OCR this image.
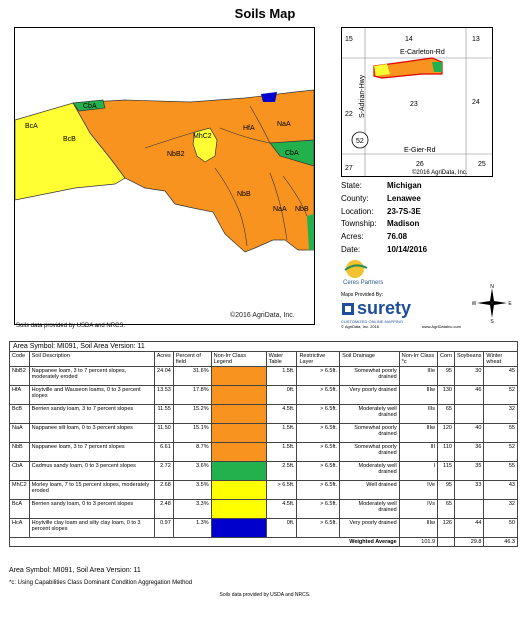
Soils Map
BcA
BcB
CbA
MhC2
NbB2
HfA
NaA
CbA
NbB
NaA NbB
©2016 AgriData, Inc.
Soils data provided by USDA and NRCS.
15	14	13
22
23	24
27
26	25
E-Carleton-Rd
S-Adrian-Hwy
E-Gier-Rd
52
©2016 AgriData, Inc.
State:	Michigan
County: Lenawee
Location: 23-7S-3E
Township: Madison
Acres:	76.08
Date:	10/14/2016
Ceres Partners
Maps Provided By:
surety
CUSTOMIZED ONLINE MAPPING
© AgriData, Inc. 2016	www.AgriDataInc.com
N
S
E
W
Area Symbol: MI091, Soil Area Version: 11
Code	Soil Description	Acres	Percent of field	Non-Irr Class Legend	Water Table	Restrictive Layer	Soil Drainage	Non-Irr Class *c	Corn	Soybeans	Winter wheat
NbB2	Nappanee loam, 3 to 7 percent slopes, moderately eroded	24.04	31.6%		1.5ft.	> 6.5ft.	Somewhat poorly drained	IIIe	95	30	45
HfA	Hoytville and Wauseon loams, 0 to 3 percent slopes	13.53	17.8%		0ft.	> 6.5ft.	Very poorly drained	IIIw	130	46	52
BcB	Berrien sandy loam, 3 to 7 percent slopes	11.55	15.2%		4.5ft.	> 6.5ft.	Moderately well drained	IIIs	65		32
NaA	Nappanee silt loam, 0 to 3 percent slopes	11.50	15.1%		1.5ft.	> 6.5ft.	Somewhat poorly drained	IIIw	120	40	55
NbB	Nappanee loam, 3 to 7 percent slopes	6.61	8.7%		1.5ft.	> 6.5ft.	Somewhat poorly drained	III	110	36	52
CbA	Cadmus sandy loam, 0 to 3 percent slopes	2.72	3.6%		2.5ft.	> 6.5ft.	Moderately well drained	I	115	35	55
MhC2	Morley loam, 7 to 15 percent slopes, moderately eroded	2.68	3.5%		> 6.5ft.	> 6.5ft.	Well drained	IVe	95	33	43
BcA	Berrien sandy loam, 0 to 3 percent slopes	2.48	3.3%		4.5ft.	> 6.5ft.	Moderately well drained	IVs	65		32
HcA	Hoytville clay loam and silty clay loam, 0 to 3 percent slopes	0.97	1.3%		0ft.	> 6.5ft.	Very poorly drained	IIIw	126	44	50
Weighted Average								101.9		29.8	46.3
Area Symbol: MI091, Soil Area Version: 11
*c: Using Capabilities Class Dominant Condition Aggregation Method
Soils data provided by USDA and NRCS.
